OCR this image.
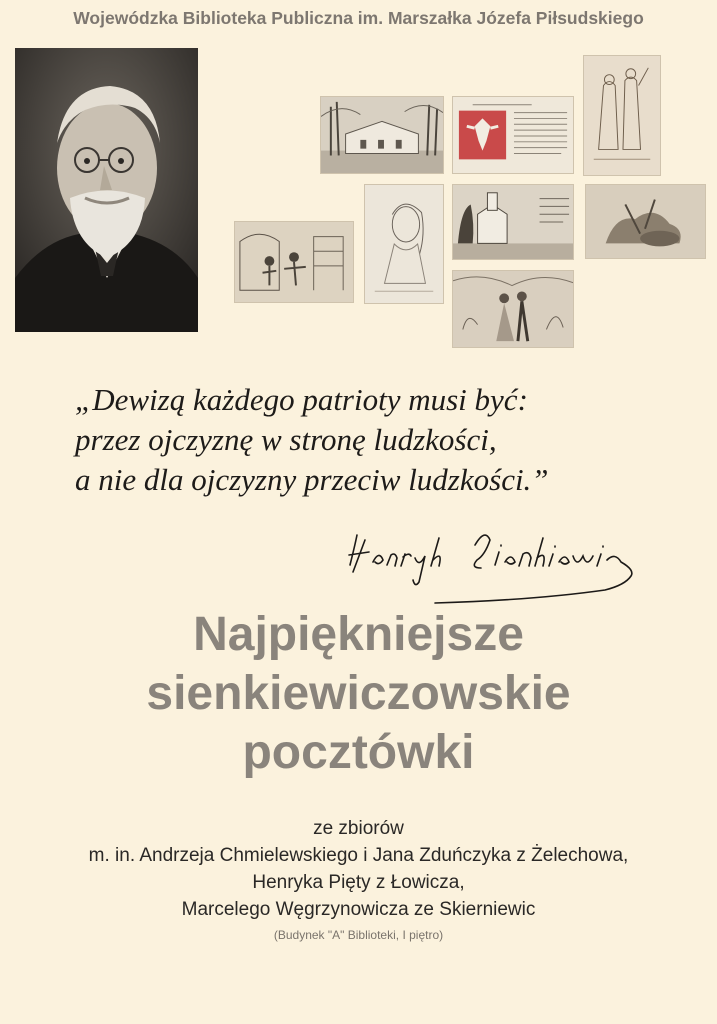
Wojewódzka Biblioteka Publiczna im. Marszałka Józefa Piłsudskiego
„Dewizą każdego patrioty musi być:
przez ojczyznę w stronę ludzkości,
a nie dla ojczyzny przeciw ludzkości.”
Najpiękniejsze
sienkiewiczowskie
pocztówki
ze zbiorów
m. in. Andrzeja Chmielewskiego i Jana Zduńczyka z Żelechowa,
Henryka Pięty z Łowicza,
Marcelego Węgrzynowicza ze Skierniewic
(Budynek "A" Biblioteki, I piętro)
